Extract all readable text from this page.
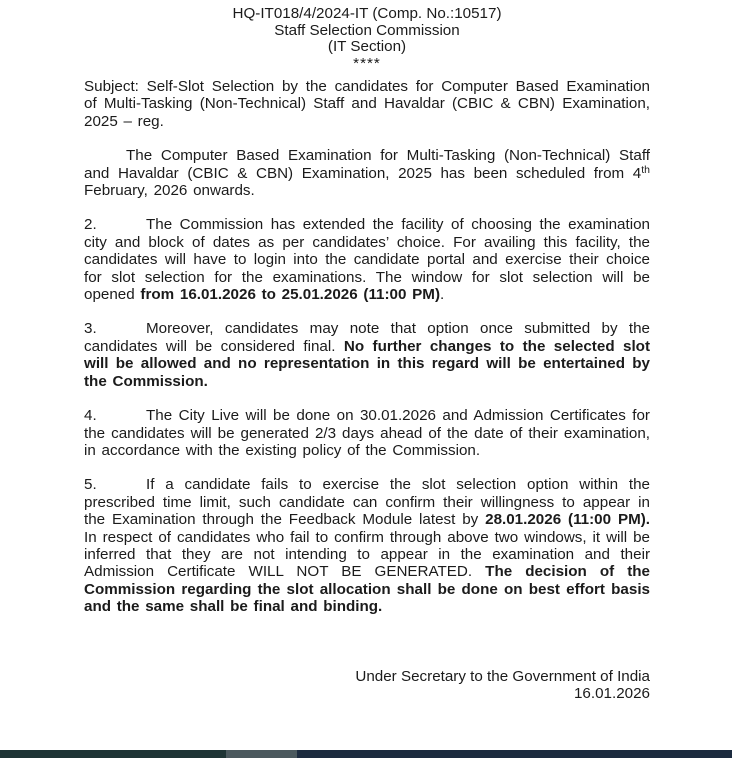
HQ-IT018/4/2024-IT (Comp. No.:10517)
Staff Selection Commission
(IT Section)
****
Subject: Self-Slot Selection by the candidates for Computer Based Examination of Multi-Tasking (Non-Technical) Staff and Havaldar (CBIC & CBN) Examination, 2025 – reg.
The Computer Based Examination for Multi-Tasking (Non-Technical) Staff and Havaldar (CBIC & CBN) Examination, 2025 has been scheduled from 4th February, 2026 onwards.
2.	The Commission has extended the facility of choosing the examination city and block of dates as per candidates’ choice. For availing this facility, the candidates will have to login into the candidate portal and exercise their choice for slot selection for the examinations. The window for slot selection will be opened from 16.01.2026 to 25.01.2026 (11:00 PM).
3.	Moreover, candidates may note that option once submitted by the candidates will be considered final. No further changes to the selected slot will be allowed and no representation in this regard will be entertained by the Commission.
4.	The City Live will be done on 30.01.2026 and Admission Certificates for the candidates will be generated 2/3 days ahead of the date of their examination, in accordance with the existing policy of the Commission.
5.	If a candidate fails to exercise the slot selection option within the prescribed time limit, such candidate can confirm their willingness to appear in the Examination through the Feedback Module latest by 28.01.2026 (11:00 PM). In respect of candidates who fail to confirm through above two windows, it will be inferred that they are not intending to appear in the examination and their Admission Certificate WILL NOT BE GENERATED. The decision of the Commission regarding the slot allocation shall be done on best effort basis and the same shall be final and binding.
Under Secretary to the Government of India
16.01.2026
